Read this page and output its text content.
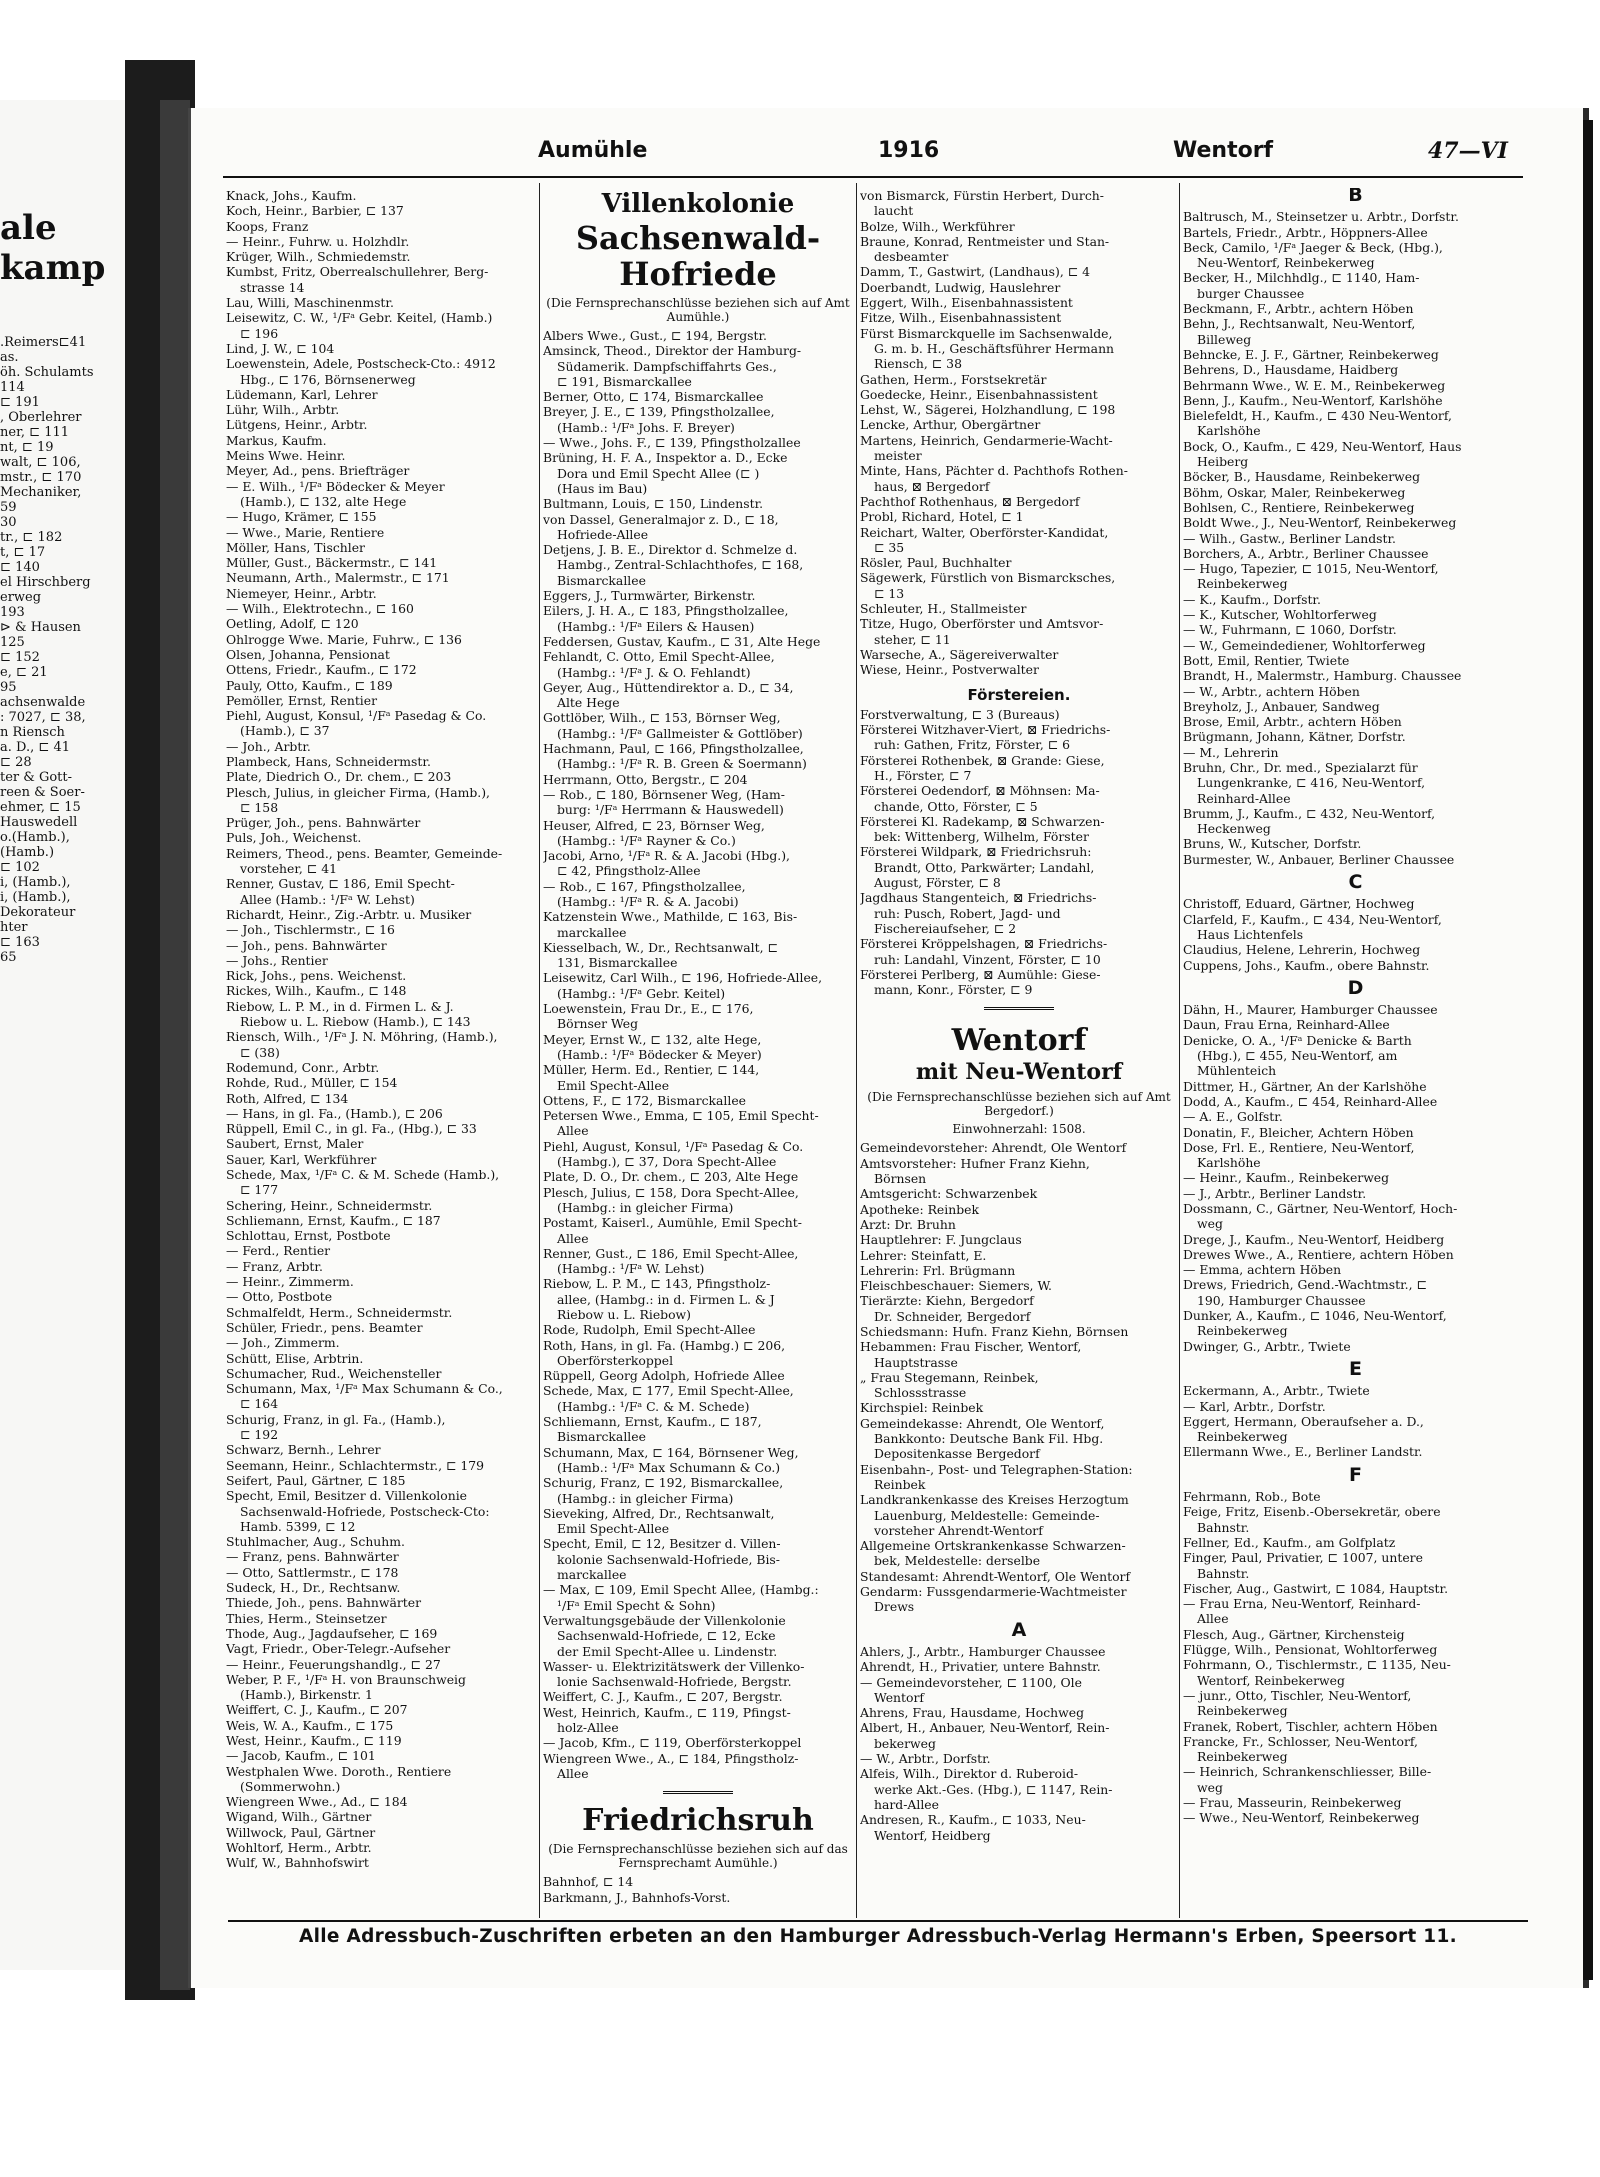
ale
kamp
.Reimers⊏41
as.
öh. Schulamts
114
⊏ 191
, Oberlehrer
ner, ⊏ 111
nt, ⊏ 19
walt, ⊏ 106,
mstr., ⊏ 170
Mechaniker,
59
30
tr., ⊏ 182
t, ⊏ 17
⊏ 140
el Hirschberg
erweg
193
⊳ & Hausen
125
⊏ 152
e, ⊏ 21
95
achsenwalde
: 7027, ⊏ 38,
n Riensch
a. D., ⊏ 41
⊏ 28
ter & Gott-
reen & Soer-
ehmer, ⊏ 15
Hauswedell
o.(Hamb.),
(Hamb.)
⊏ 102
i, (Hamb.),
i, (Hamb.),
Dekorateur
hter
⊏ 163
65
Aumühle	1916	Wentorf	47—VI
Knack, Johs., Kaufm.
Koch, Heinr., Barbier, ⊏ 137
Koops, Franz
— Heinr., Fuhrw. u. Holzhdlr.
Krüger, Wilh., Schmiedemstr.
Kumbst, Fritz, Oberrealschullehrer, Berg-
strasse 14
Lau, Willi, Maschinenmstr.
Leisewitz, C. W., ¹/Fᵃ Gebr. Keitel, (Hamb.)
⊏ 196
Lind, J. W., ⊏ 104
Loewenstein, Adele, Postscheck-Cto.: 4912
Hbg., ⊏ 176, Börnsenerweg
Lüdemann, Karl, Lehrer
Lühr, Wilh., Arbtr.
Lütgens, Heinr., Arbtr.
Markus, Kaufm.
Meins Wwe. Heinr.
Meyer, Ad., pens. Briefträger
— E. Wilh., ¹/Fᵃ Bödecker & Meyer
(Hamb.), ⊏ 132, alte Hege
— Hugo, Krämer, ⊏ 155
— Wwe., Marie, Rentiere
Möller, Hans, Tischler
Müller, Gust., Bäckermstr., ⊏ 141
Neumann, Arth., Malermstr., ⊏ 171
Niemeyer, Heinr., Arbtr.
— Wilh., Elektrotechn., ⊏ 160
Oetling, Adolf, ⊏ 120
Ohlrogge Wwe. Marie, Fuhrw., ⊏ 136
Olsen, Johanna, Pensionat
Ottens, Friedr., Kaufm., ⊏ 172
Pauly, Otto, Kaufm., ⊏ 189
Pemöller, Ernst, Rentier
Piehl, August, Konsul, ¹/Fᵃ Pasedag & Co.
(Hamb.), ⊏ 37
— Joh., Arbtr.
Plambeck, Hans, Schneidermstr.
Plate, Diedrich O., Dr. chem., ⊏ 203
Plesch, Julius, in gleicher Firma, (Hamb.),
⊏ 158
Prüger, Joh., pens. Bahnwärter
Puls, Joh., Weichenst.
Reimers, Theod., pens. Beamter, Gemeinde-
vorsteher, ⊏ 41
Renner, Gustav, ⊏ 186, Emil Specht-
Allee (Hamb.: ¹/Fᵃ W. Lehst)
Richardt, Heinr., Zig.-Arbtr. u. Musiker
— Joh., Tischlermstr., ⊏ 16
— Joh., pens. Bahnwärter
— Johs., Rentier
Rick, Johs., pens. Weichenst.
Rickes, Wilh., Kaufm., ⊏ 148
Riebow, L. P. M., in d. Firmen L. & J.
Riebow u. L. Riebow (Hamb.), ⊏ 143
Riensch, Wilh., ¹/Fᵃ J. N. Möhring, (Hamb.),
⊏ (38)
Rodemund, Conr., Arbtr.
Rohde, Rud., Müller, ⊏ 154
Roth, Alfred, ⊏ 134
— Hans, in gl. Fa., (Hamb.), ⊏ 206
Rüppell, Emil C., in gl. Fa., (Hbg.), ⊏ 33
Saubert, Ernst, Maler
Sauer, Karl, Werkführer
Schede, Max, ¹/Fᵃ C. & M. Schede (Hamb.),
⊏ 177
Schering, Heinr., Schneidermstr.
Schliemann, Ernst, Kaufm., ⊏ 187
Schlottau, Ernst, Postbote
— Ferd., Rentier
— Franz, Arbtr.
— Heinr., Zimmerm.
— Otto, Postbote
Schmalfeldt, Herm., Schneidermstr.
Schüler, Friedr., pens. Beamter
— Joh., Zimmerm.
Schütt, Elise, Arbtrin.
Schumacher, Rud., Weichensteller
Schumann, Max, ¹/Fᵃ Max Schumann & Co.,
⊏ 164
Schurig, Franz, in gl. Fa., (Hamb.),
⊏ 192
Schwarz, Bernh., Lehrer
Seemann, Heinr., Schlachtermstr., ⊏ 179
Seifert, Paul, Gärtner, ⊏ 185
Specht, Emil, Besitzer d. Villenkolonie
Sachsenwald-Hofriede, Postscheck-Cto:
Hamb. 5399, ⊏ 12
Stuhlmacher, Aug., Schuhm.
— Franz, pens. Bahnwärter
— Otto, Sattlermstr., ⊏ 178
Sudeck, H., Dr., Rechtsanw.
Thiede, Joh., pens. Bahnwärter
Thies, Herm., Steinsetzer
Thode, Aug., Jagdaufseher, ⊏ 169
Vagt, Friedr., Ober-Telegr.-Aufseher
— Heinr., Feuerungshandlg., ⊏ 27
Weber, P. F., ¹/Fᵃ H. von Braunschweig
(Hamb.), Birkenstr. 1
Weiffert, C. J., Kaufm., ⊏ 207
Weis, W. A., Kaufm., ⊏ 175
West, Heinr., Kaufm., ⊏ 119
— Jacob, Kaufm., ⊏ 101
Westphalen Wwe. Doroth., Rentiere
(Sommerwohn.)
Wiengreen Wwe., Ad., ⊏ 184
Wigand, Wilh., Gärtner
Willwock, Paul, Gärtner
Wohltorf, Herm., Arbtr.
Wulf, W., Bahnhofswirt
Villenkolonie
Sachsenwald-
Hofriede
(Die Fernsprechanschlüsse beziehen sich auf Amt Aumühle.)
Albers Wwe., Gust., ⊏ 194, Bergstr.
Amsinck, Theod., Direktor der Hamburg-
Südamerik. Dampfschiffahrts Ges.,
⊏ 191, Bismarckallee
Berner, Otto, ⊏ 174, Bismarckallee
Breyer, J. E., ⊏ 139, Pfingstholzallee,
(Hamb.: ¹/Fᵃ Johs. F. Breyer)
— Wwe., Johs. F., ⊏ 139, Pfingstholzallee
Brüning, H. F. A., Inspektor a. D., Ecke
Dora und Emil Specht Allee (⊏ )
(Haus im Bau)
Bultmann, Louis, ⊏ 150, Lindenstr.
von Dassel, Generalmajor z. D., ⊏ 18,
Hofriede-Allee
Detjens, J. B. E., Direktor d. Schmelze d.
Hambg., Zentral-Schlachthofes, ⊏ 168,
Bismarckallee
Eggers, J., Turmwärter, Birkenstr.
Eilers, J. H. A., ⊏ 183, Pfingstholzallee,
(Hambg.: ¹/Fᵃ Eilers & Hausen)
Feddersen, Gustav, Kaufm., ⊏ 31, Alte Hege
Fehlandt, C. Otto, Emil Specht-Allee,
(Hambg.: ¹/Fᵃ J. & O. Fehlandt)
Geyer, Aug., Hüttendirektor a. D., ⊏ 34,
Alte Hege
Gottlöber, Wilh., ⊏ 153, Börnser Weg,
(Hambg.: ¹/Fᵃ Gallmeister & Gottlöber)
Hachmann, Paul, ⊏ 166, Pfingstholzallee,
(Hambg.: ¹/Fᵃ R. B. Green & Soermann)
Herrmann, Otto, Bergstr., ⊏ 204
— Rob., ⊏ 180, Börnsener Weg, (Ham-
burg: ¹/Fᵃ Herrmann & Hauswedell)
Heuser, Alfred, ⊏ 23, Börnser Weg,
(Hambg.: ¹/Fᵃ Rayner & Co.)
Jacobi, Arno, ¹/Fᵃ R. & A. Jacobi (Hbg.),
⊏ 42, Pfingstholz-Allee
— Rob., ⊏ 167, Pfingstholzallee,
(Hambg.: ¹/Fᵃ R. & A. Jacobi)
Katzenstein Wwe., Mathilde, ⊏ 163, Bis-
marckallee
Kiesselbach, W., Dr., Rechtsanwalt, ⊏
131, Bismarckallee
Leisewitz, Carl Wilh., ⊏ 196, Hofriede-Allee,
(Hambg.: ¹/Fᵃ Gebr. Keitel)
Loewenstein, Frau Dr., E., ⊏ 176,
Börnser Weg
Meyer, Ernst W., ⊏ 132, alte Hege,
(Hamb.: ¹/Fᵃ Bödecker & Meyer)
Müller, Herm. Ed., Rentier, ⊏ 144,
Emil Specht-Allee
Ottens, F., ⊏ 172, Bismarckallee
Petersen Wwe., Emma, ⊏ 105, Emil Specht-
Allee
Piehl, August, Konsul, ¹/Fᵃ Pasedag & Co.
(Hambg.), ⊏ 37, Dora Specht-Allee
Plate, D. O., Dr. chem., ⊏ 203, Alte Hege
Plesch, Julius, ⊏ 158, Dora Specht-Allee,
(Hambg.: in gleicher Firma)
Postamt, Kaiserl., Aumühle, Emil Specht-
Allee
Renner, Gust., ⊏ 186, Emil Specht-Allee,
(Hambg.: ¹/Fᵃ W. Lehst)
Riebow, L. P. M., ⊏ 143, Pfingstholz-
allee, (Hambg.: in d. Firmen L. & J
Riebow u. L. Riebow)
Rode, Rudolph, Emil Specht-Allee
Roth, Hans, in gl. Fa. (Hambg.) ⊏ 206,
Oberförsterkoppel
Rüppell, Georg Adolph, Hofriede Allee
Schede, Max, ⊏ 177, Emil Specht-Allee,
(Hambg.: ¹/Fᵃ C. & M. Schede)
Schliemann, Ernst, Kaufm., ⊏ 187,
Bismarckallee
Schumann, Max, ⊏ 164, Börnsener Weg,
(Hamb.: ¹/Fᵃ Max Schumann & Co.)
Schurig, Franz, ⊏ 192, Bismarckallee,
(Hambg.: in gleicher Firma)
Sieveking, Alfred, Dr., Rechtsanwalt,
Emil Specht-Allee
Specht, Emil, ⊏ 12, Besitzer d. Villen-
kolonie Sachsenwald-Hofriede, Bis-
marckallee
— Max, ⊏ 109, Emil Specht Allee, (Hambg.:
¹/Fᵃ Emil Specht & Sohn)
Verwaltungsgebäude der Villenkolonie
Sachsenwald-Hofriede, ⊏ 12, Ecke
der Emil Specht-Allee u. Lindenstr.
Wasser- u. Elektrizitätswerk der Villenko-
lonie Sachsenwald-Hofriede, Bergstr.
Weiffert, C. J., Kaufm., ⊏ 207, Bergstr.
West, Heinrich, Kaufm., ⊏ 119, Pfingst-
holz-Allee
— Jacob, Kfm., ⊏ 119, Oberförsterkoppel
Wiengreen Wwe., A., ⊏ 184, Pfingstholz-
Allee
Friedrichsruh
(Die Fernsprechanschlüsse beziehen sich auf das Fernsprechamt Aumühle.)
Bahnhof, ⊏ 14
Barkmann, J., Bahnhofs-Vorst.
von Bismarck, Fürstin Herbert, Durch-
laucht
Bolze, Wilh., Werkführer
Braune, Konrad, Rentmeister und Stan-
desbeamter
Damm, T., Gastwirt, (Landhaus), ⊏ 4
Doerbandt, Ludwig, Hauslehrer
Eggert, Wilh., Eisenbahnassistent
Fitze, Wilh., Eisenbahnassistent
Fürst Bismarckquelle im Sachsenwalde,
G. m. b. H., Geschäftsführer Hermann
Riensch, ⊏ 38
Gathen, Herm., Forstsekretär
Goedecke, Heinr., Eisenbahnassistent
Lehst, W., Sägerei, Holzhandlung, ⊏ 198
Lencke, Arthur, Obergärtner
Martens, Heinrich, Gendarmerie-Wacht-
meister
Minte, Hans, Pächter d. Pachthofs Rothen-
haus, ⊠ Bergedorf
Pachthof Rothenhaus, ⊠ Bergedorf
Probl, Richard, Hotel, ⊏ 1
Reichart, Walter, Oberförster-Kandidat,
⊏ 35
Rösler, Paul, Buchhalter
Sägewerk, Fürstlich von Bismarcksches,
⊏ 13
Schleuter, H., Stallmeister
Titze, Hugo, Oberförster und Amtsvor-
steher, ⊏ 11
Warseche, A., Sägereiverwalter
Wiese, Heinr., Postverwalter
Förstereien.
Forstverwaltung, ⊏ 3 (Bureaus)
Försterei Witzhaver-Viert, ⊠ Friedrichs-
ruh: Gathen, Fritz, Förster, ⊏ 6
Försterei Rothenbek, ⊠ Grande: Giese,
H., Förster, ⊏ 7
Försterei Oedendorf, ⊠ Möhnsen: Ma-
chande, Otto, Förster, ⊏ 5
Försterei Kl. Radekamp, ⊠ Schwarzen-
bek: Wittenberg, Wilhelm, Förster
Försterei Wildpark, ⊠ Friedrichsruh:
Brandt, Otto, Parkwärter; Landahl,
August, Förster, ⊏ 8
Jagdhaus Stangenteich, ⊠ Friedrichs-
ruh: Pusch, Robert, Jagd- und
Fischereiaufseher, ⊏ 2
Försterei Kröppelshagen, ⊠ Friedrichs-
ruh: Landahl, Vinzent, Förster, ⊏ 10
Försterei Perlberg, ⊠ Aumühle: Giese-
mann, Konr., Förster, ⊏ 9
Wentorf
mit Neu-Wentorf
(Die Fernsprechanschlüsse beziehen sich auf Amt Bergedorf.)
Einwohnerzahl: 1508.
Gemeindevorsteher: Ahrendt, Ole Wentorf
Amtsvorsteher: Hufner Franz Kiehn,
Börnsen
Amtsgericht: Schwarzenbek
Apotheke: Reinbek
Arzt: Dr. Bruhn
Hauptlehrer: F. Jungclaus
Lehrer: Steinfatt, E.
Lehrerin: Frl. Brügmann
Fleischbeschauer: Siemers, W.
Tierärzte: Kiehn, Bergedorf
Dr. Schneider, Bergedorf
Schiedsmann: Hufn. Franz Kiehn, Börnsen
Hebammen: Frau Fischer, Wentorf,
Hauptstrasse
„ Frau Stegemann, Reinbek,
Schlossstrasse
Kirchspiel: Reinbek
Gemeindekasse: Ahrendt, Ole Wentorf,
Bankkonto: Deutsche Bank Fil. Hbg.
Depositenkasse Bergedorf
Eisenbahn-, Post- und Telegraphen-Station:
Reinbek
Landkrankenkasse des Kreises Herzogtum
Lauenburg, Meldestelle: Gemeinde-
vorsteher Ahrendt-Wentorf
Allgemeine Ortskrankenkasse Schwarzen-
bek, Meldestelle: derselbe
Standesamt: Ahrendt-Wentorf, Ole Wentorf
Gendarm: Fussgendarmerie-Wachtmeister
Drews
A
Ahlers, J., Arbtr., Hamburger Chaussee
Ahrendt, H., Privatier, untere Bahnstr.
— Gemeindevorsteher, ⊏ 1100, Ole
Wentorf
Ahrens, Frau, Hausdame, Hochweg
Albert, H., Anbauer, Neu-Wentorf, Rein-
bekerweg
— W., Arbtr., Dorfstr.
Alfeis, Wilh., Direktor d. Ruberoid-
werke Akt.-Ges. (Hbg.), ⊏ 1147, Rein-
hard-Allee
Andresen, R., Kaufm., ⊏ 1033, Neu-
Wentorf, Heidberg
B
Baltrusch, M., Steinsetzer u. Arbtr., Dorfstr.
Bartels, Friedr., Arbtr., Höppners-Allee
Beck, Camilo, ¹/Fᵃ Jaeger & Beck, (Hbg.),
Neu-Wentorf, Reinbekerweg
Becker, H., Milchhdlg., ⊏ 1140, Ham-
burger Chaussee
Beckmann, F., Arbtr., achtern Höben
Behn, J., Rechtsanwalt, Neu-Wentorf,
Billeweg
Behncke, E. J. F., Gärtner, Reinbekerweg
Behrens, D., Hausdame, Haidberg
Behrmann Wwe., W. E. M., Reinbekerweg
Benn, J., Kaufm., Neu-Wentorf, Karlshöhe
Bielefeldt, H., Kaufm., ⊏ 430 Neu-Wentorf,
Karlshöhe
Bock, O., Kaufm., ⊏ 429, Neu-Wentorf, Haus
Heiberg
Böcker, B., Hausdame, Reinbekerweg
Böhm, Oskar, Maler, Reinbekerweg
Bohlsen, C., Rentiere, Reinbekerweg
Boldt Wwe., J., Neu-Wentorf, Reinbekerweg
— Wilh., Gastw., Berliner Landstr.
Borchers, A., Arbtr., Berliner Chaussee
— Hugo, Tapezier, ⊏ 1015, Neu-Wentorf,
Reinbekerweg
— K., Kaufm., Dorfstr.
— K., Kutscher, Wohltorferweg
— W., Fuhrmann, ⊏ 1060, Dorfstr.
— W., Gemeindediener, Wohltorferweg
Bott, Emil, Rentier, Twiete
Brandt, H., Malermstr., Hamburg. Chaussee
— W., Arbtr., achtern Höben
Breyholz, J., Anbauer, Sandweg
Brose, Emil, Arbtr., achtern Höben
Brügmann, Johann, Kätner, Dorfstr.
— M., Lehrerin
Bruhn, Chr., Dr. med., Spezialarzt für
Lungenkranke, ⊏ 416, Neu-Wentorf,
Reinhard-Allee
Brumm, J., Kaufm., ⊏ 432, Neu-Wentorf,
Heckenweg
Bruns, W., Kutscher, Dorfstr.
Burmester, W., Anbauer, Berliner Chaussee
C
Christoff, Eduard, Gärtner, Hochweg
Clarfeld, F., Kaufm., ⊏ 434, Neu-Wentorf,
Haus Lichtenfels
Claudius, Helene, Lehrerin, Hochweg
Cuppens, Johs., Kaufm., obere Bahnstr.
D
Dähn, H., Maurer, Hamburger Chaussee
Daun, Frau Erna, Reinhard-Allee
Denicke, O. A., ¹/Fᵃ Denicke & Barth
(Hbg.), ⊏ 455, Neu-Wentorf, am
Mühlenteich
Dittmer, H., Gärtner, An der Karlshöhe
Dodd, A., Kaufm., ⊏ 454, Reinhard-Allee
— A. E., Golfstr.
Donatin, F., Bleicher, Achtern Höben
Dose, Frl. E., Rentiere, Neu-Wentorf,
Karlshöhe
— Heinr., Kaufm., Reinbekerweg
— J., Arbtr., Berliner Landstr.
Dossmann, C., Gärtner, Neu-Wentorf, Hoch-
weg
Drege, J., Kaufm., Neu-Wentorf, Heidberg
Drewes Wwe., A., Rentiere, achtern Höben
— Emma, achtern Höben
Drews, Friedrich, Gend.-Wachtmstr., ⊏
190, Hamburger Chaussee
Dunker, A., Kaufm., ⊏ 1046, Neu-Wentorf,
Reinbekerweg
Dwinger, G., Arbtr., Twiete
E
Eckermann, A., Arbtr., Twiete
— Karl, Arbtr., Dorfstr.
Eggert, Hermann, Oberaufseher a. D.,
Reinbekerweg
Ellermann Wwe., E., Berliner Landstr.
F
Fehrmann, Rob., Bote
Feige, Fritz, Eisenb.-Obersekretär, obere
Bahnstr.
Fellner, Ed., Kaufm., am Golfplatz
Finger, Paul, Privatier, ⊏ 1007, untere
Bahnstr.
Fischer, Aug., Gastwirt, ⊏ 1084, Hauptstr.
— Frau Erna, Neu-Wentorf, Reinhard-
Allee
Flesch, Aug., Gärtner, Kirchensteig
Flügge, Wilh., Pensionat, Wohltorferweg
Fohrmann, O., Tischlermstr., ⊏ 1135, Neu-
Wentorf, Reinbekerweg
— junr., Otto, Tischler, Neu-Wentorf,
Reinbekerweg
Franek, Robert, Tischler, achtern Höben
Francke, Fr., Schlosser, Neu-Wentorf,
Reinbekerweg
— Heinrich, Schrankenschliesser, Bille-
weg
— Frau, Masseurin, Reinbekerweg
— Wwe., Neu-Wentorf, Reinbekerweg
Alle Adressbuch-Zuschriften erbeten an den Hamburger Adressbuch-Verlag Hermann's Erben, Speersort 11.
